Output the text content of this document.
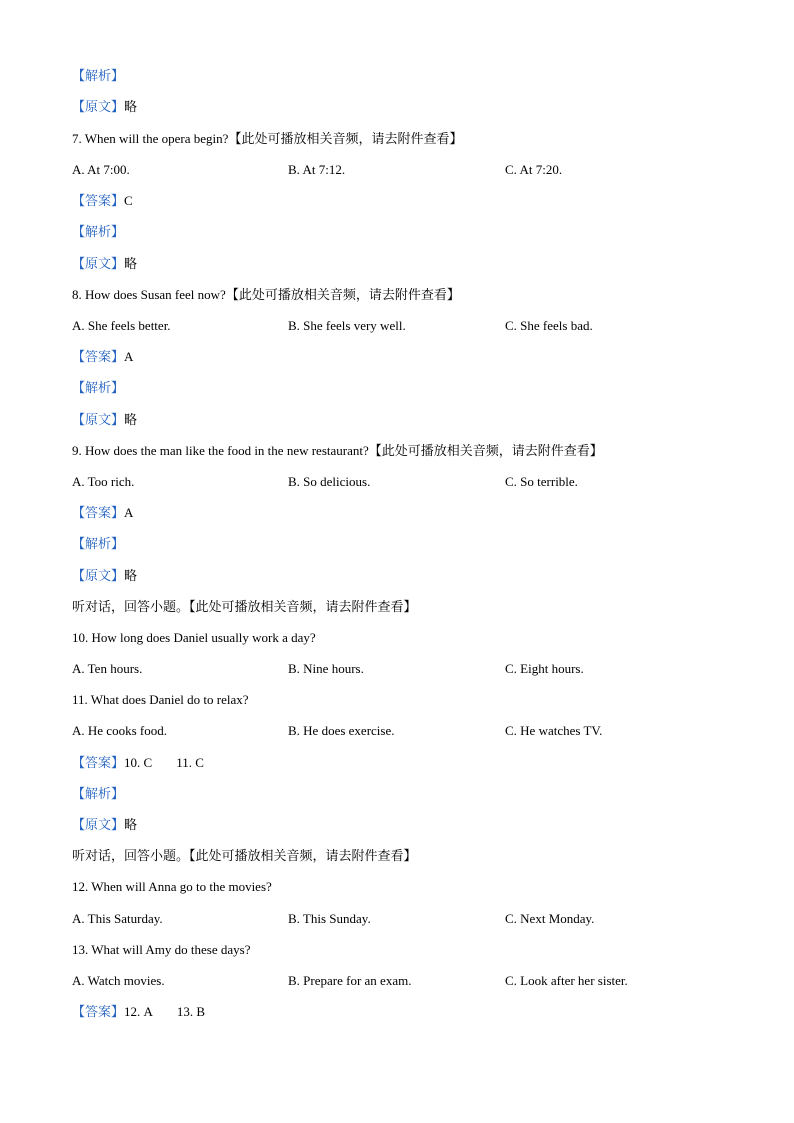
【解析】
【原文】略
7. When will the opera begin?【此处可播放相关音频，请去附件查看】
A. At 7:00.	B. At 7:12.	C. At 7:20.
【答案】C
【解析】
【原文】略
8. How does Susan feel now?【此处可播放相关音频，请去附件查看】
A. She feels better.	B. She feels very well.	C. She feels bad.
【答案】A
【解析】
【原文】略
9. How does the man like the food in the new restaurant?【此处可播放相关音频，请去附件查看】
A. Too rich.	B. So delicious.	C. So terrible.
【答案】A
【解析】
【原文】略
听对话，回答小题。【此处可播放相关音频，请去附件查看】
10. How long does Daniel usually work a day?
A. Ten hours.	B. Nine hours.	C. Eight hours.
11. What does Daniel do to relax?
A. He cooks food.	B. He does exercise.	C. He watches TV.
【答案】10. C 11. C
【解析】
【原文】略
听对话，回答小题。【此处可播放相关音频，请去附件查看】
12. When will Anna go to the movies?
A. This Saturday.	B. This Sunday.	C. Next Monday.
13. What will Amy do these days?
A. Watch movies.	B. Prepare for an exam.	C. Look after her sister.
【答案】12. A 13. B
